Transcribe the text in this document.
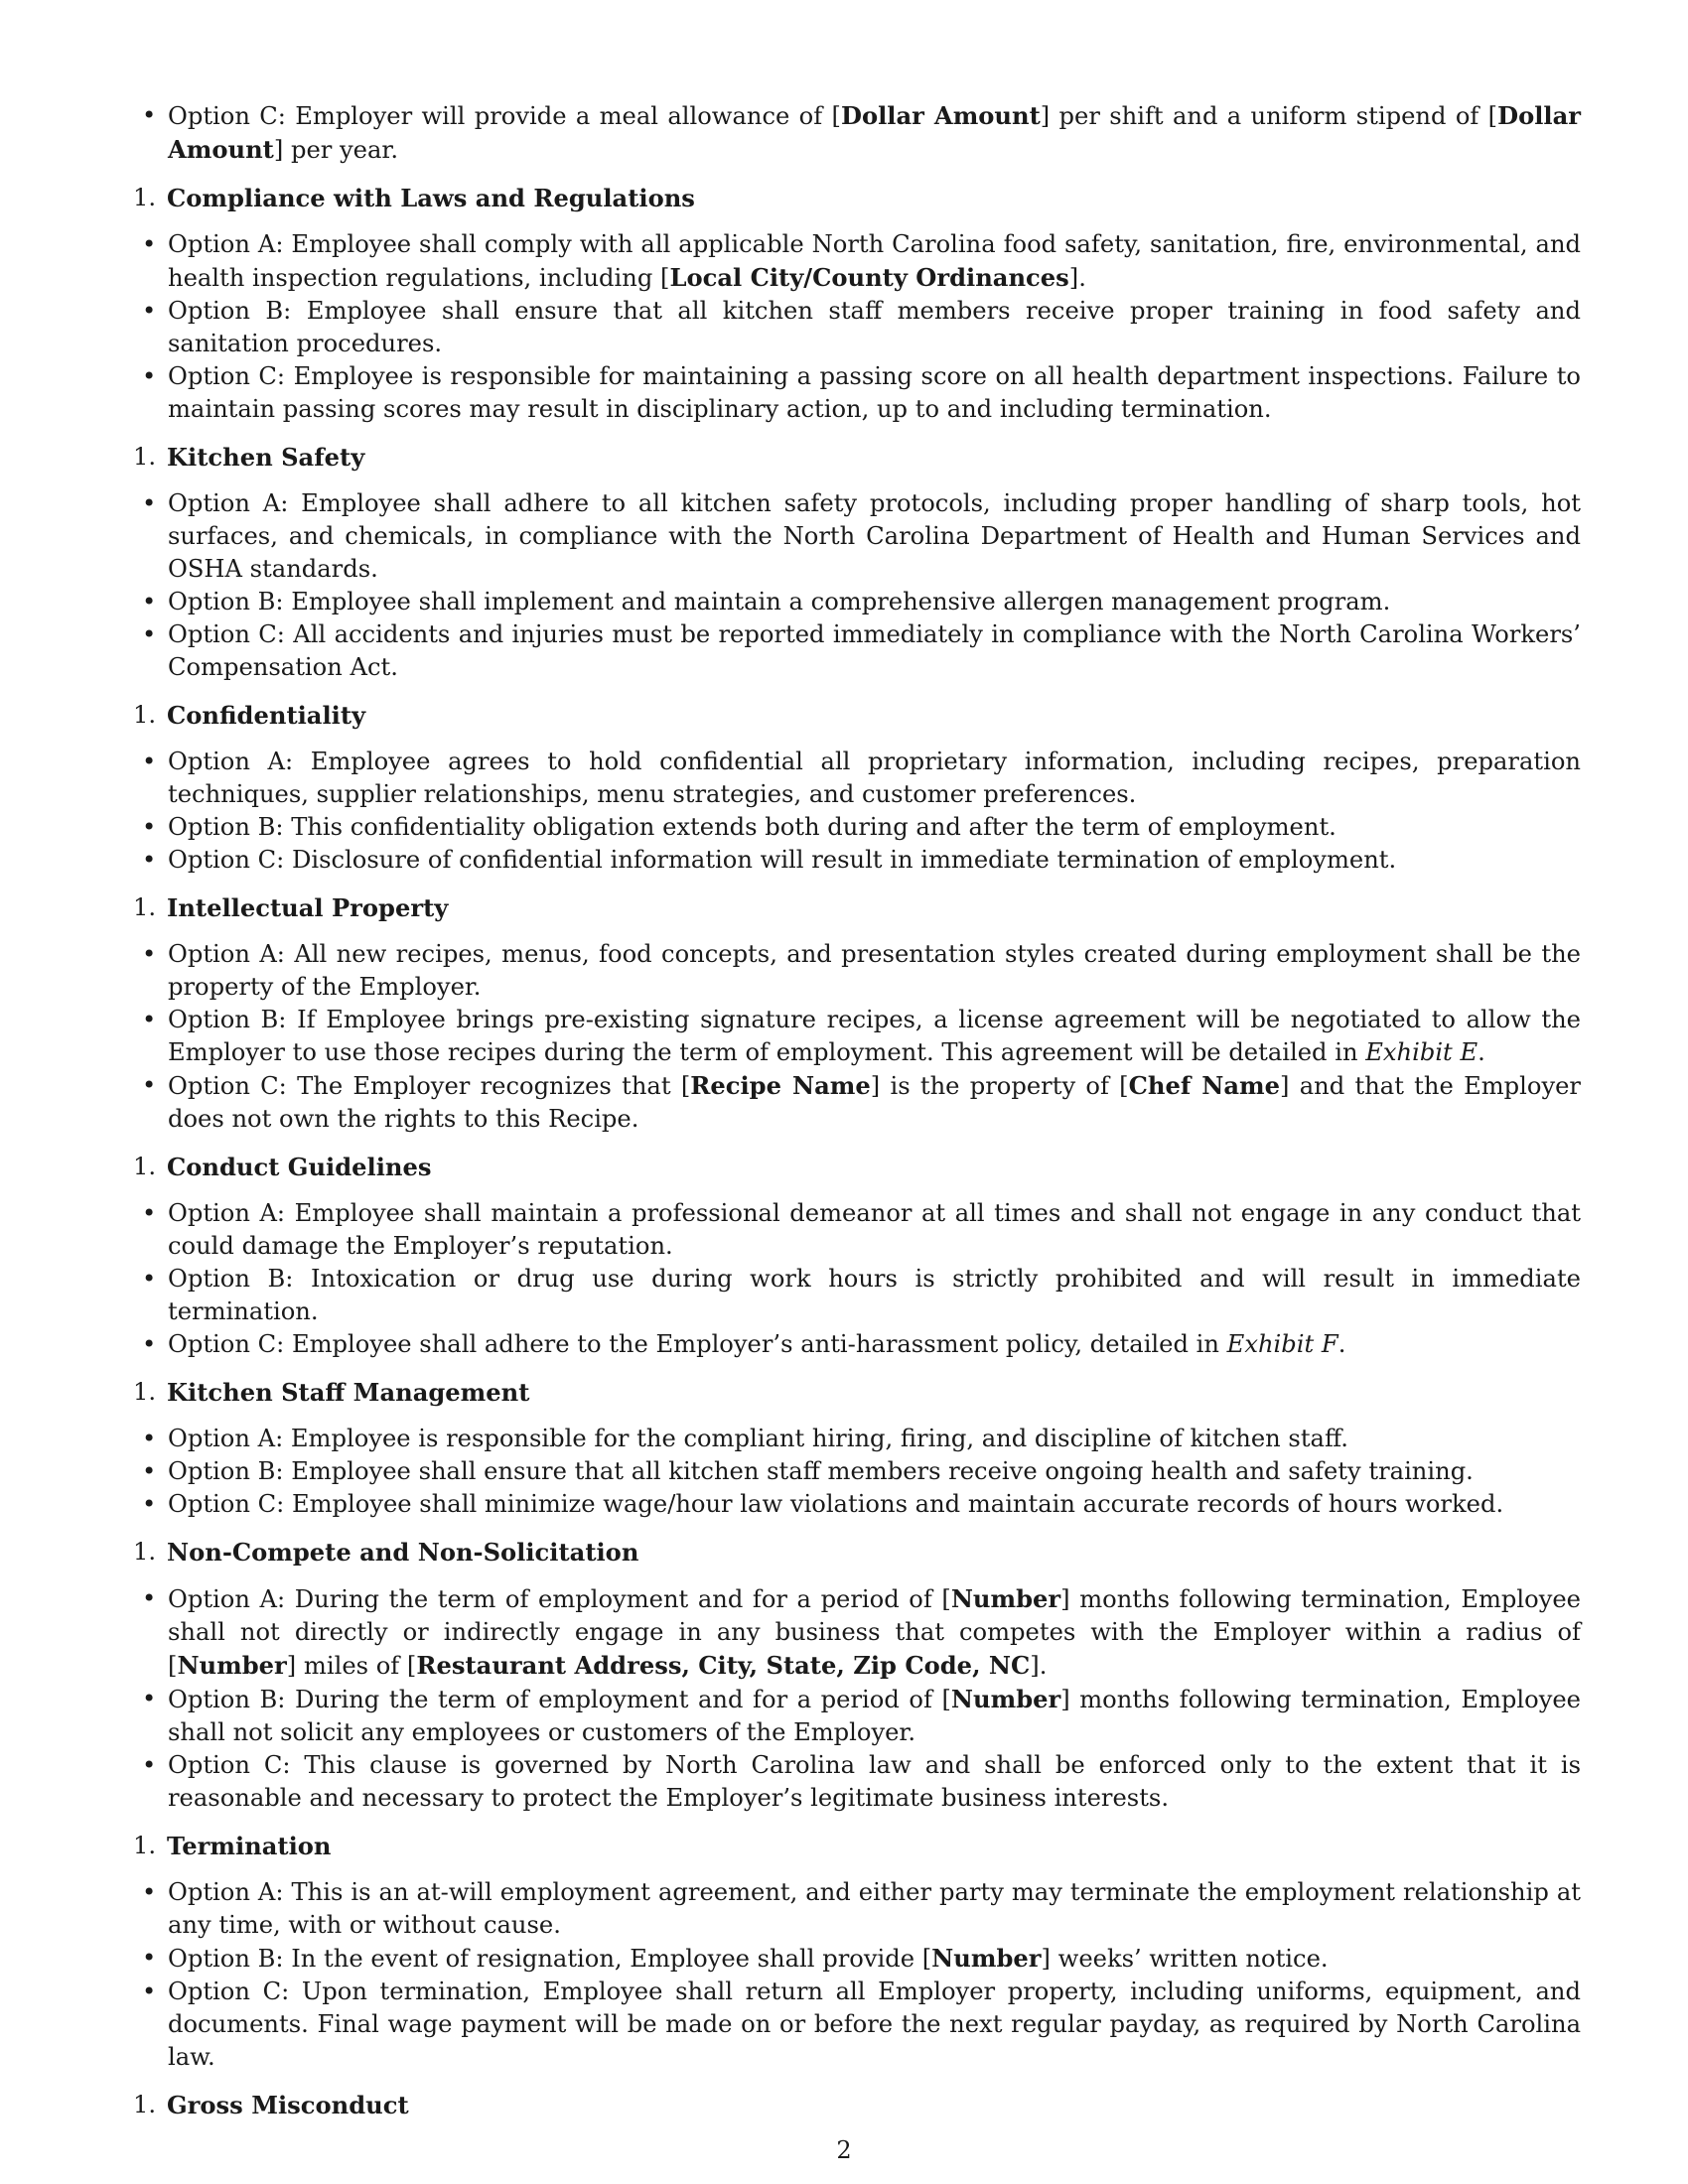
• Option C: Employer will provide a meal allowance of [Dollar Amount] per shift and a uniform stipend of [Dollar Amount] per year.
1. Compliance with Laws and Regulations
• Option A: Employee shall comply with all applicable North Carolina food safety, sanitation, fire, environmental, and health inspection regulations, including [Local City/County Ordinances].
• Option B: Employee shall ensure that all kitchen staff members receive proper training in food safety and sanitation procedures.
• Option C: Employee is responsible for maintaining a passing score on all health department inspections. Failure to maintain passing scores may result in disciplinary action, up to and including termination.
1. Kitchen Safety
• Option A: Employee shall adhere to all kitchen safety protocols, including proper handling of sharp tools, hot surfaces, and chemicals, in compliance with the North Carolina Department of Health and Human Services and OSHA standards.
• Option B: Employee shall implement and maintain a comprehensive allergen management program.
• Option C: All accidents and injuries must be reported immediately in compliance with the North Carolina Workers’ Compensation Act.
1. Confidentiality
• Option A: Employee agrees to hold confidential all proprietary information, including recipes, preparation techniques, supplier relationships, menu strategies, and customer preferences.
• Option B: This confidentiality obligation extends both during and after the term of employment.
• Option C: Disclosure of confidential information will result in immediate termination of employment.
1. Intellectual Property
• Option A: All new recipes, menus, food concepts, and presentation styles created during employment shall be the property of the Employer.
• Option B: If Employee brings pre-existing signature recipes, a license agreement will be negotiated to allow the Employer to use those recipes during the term of employment. This agreement will be detailed in Exhibit E.
• Option C: The Employer recognizes that [Recipe Name] is the property of [Chef Name] and that the Employer does not own the rights to this Recipe.
1. Conduct Guidelines
• Option A: Employee shall maintain a professional demeanor at all times and shall not engage in any conduct that could damage the Employer’s reputation.
• Option B: Intoxication or drug use during work hours is strictly prohibited and will result in immediate termination.
• Option C: Employee shall adhere to the Employer’s anti-harassment policy, detailed in Exhibit F.
1. Kitchen Staff Management
• Option A: Employee is responsible for the compliant hiring, firing, and discipline of kitchen staff.
• Option B: Employee shall ensure that all kitchen staff members receive ongoing health and safety training.
• Option C: Employee shall minimize wage/hour law violations and maintain accurate records of hours worked.
1. Non-Compete and Non-Solicitation
• Option A: During the term of employment and for a period of [Number] months following termination, Employee shall not directly or indirectly engage in any business that competes with the Employer within a radius of [Number] miles of [Restaurant Address, City, State, Zip Code, NC].
• Option B: During the term of employment and for a period of [Number] months following termination, Employee shall not solicit any employees or customers of the Employer.
• Option C: This clause is governed by North Carolina law and shall be enforced only to the extent that it is reasonable and necessary to protect the Employer’s legitimate business interests.
1. Termination
• Option A: This is an at-will employment agreement, and either party may terminate the employment relationship at any time, with or without cause.
• Option B: In the event of resignation, Employee shall provide [Number] weeks’ written notice.
• Option C: Upon termination, Employee shall return all Employer property, including uniforms, equipment, and documents. Final wage payment will be made on or before the next regular payday, as required by North Carolina law.
1. Gross Misconduct
2
